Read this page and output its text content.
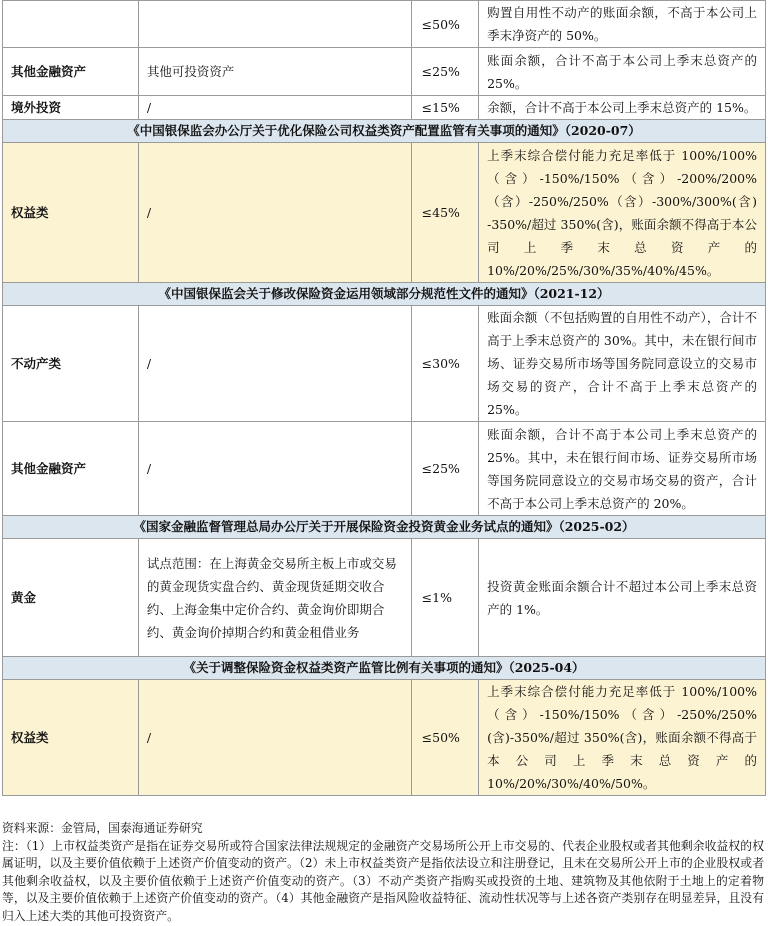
		≤50%	购置自用性不动产的账面余额，不高于本公司上季末净资产的 50%。
其他金融资产	其他可投资资产	≤25%	账面余额，合计不高于本公司上季末总资产的 25%。
境外投资	/	≤15%	余额，合计不高于本公司上季末总资产的 15%。
《中国银保监会办公厅关于优化保险公司权益类资产配置监管有关事项的通知》（2020-07）			
权益类	/	≤45%	上季末综合偿付能力充足率低于 100%/100%（含）-150%/150%（含）-200%/200%（含）-250%/250%（含）-300%/300%(含) -350%/超过 350%(含)，账面余额不得高于本公司上季末总资产的 10%/20%/25%/30%/35%/40%/45%。
《中国银保监会关于修改保险资金运用领域部分规范性文件的通知》（2021-12）			
不动产类	/	≤30%	账面余额（不包括购置的自用性不动产），合计不高于上季末总资产的 30%。其中，未在银行间市场、证券交易所市场等国务院同意设立的交易市场交易的资产，合计不高于上季末总资产的 25%。
其他金融资产	/	≤25%	账面余额，合计不高于本公司上季末总资产的 25%。其中，未在银行间市场、证券交易所市场等国务院同意设立的交易市场交易的资产，合计不高于本公司上季末总资产的 20%。
《国家金融监督管理总局办公厅关于开展保险资金投资黄金业务试点的通知》（2025-02）			
黄金	试点范围：在上海黄金交易所主板上市或交易的黄金现货实盘合约、黄金现货延期交收合约、上海金集中定价合约、黄金询价即期合约、黄金询价掉期合约和黄金租借业务	≤1%	投资黄金账面余额合计不超过本公司上季末总资产的 1%。
《关于调整保险资金权益类资产监管比例有关事项的通知》（2025-04）			
权益类	/	≤50%	上季末综合偿付能力充足率低于 100%/100%（含）-150%/150%（含）-250%/250%(含)-350%/超过 350%(含)，账面余额不得高于本公司上季末总资产的 10%/20%/30%/40%/50%。

资料来源：金管局，国泰海通证券研究

注：（1）上市权益类资产是指在证券交易所或符合国家法律法规规定的金融资产交易场所公开上市交易的、代表企业股权或者其他剩余收益权的权属证明，以及主要价值依赖于上述资产价值变动的资产。（2）未上市权益类资产是指依法设立和注册登记，且未在交易所公开上市的企业股权或者其他剩余收益权，以及主要价值依赖于上述资产价值变动的资产。（3）不动产类资产指购买或投资的土地、建筑物及其他依附于土地上的定着物等，以及主要价值依赖于上述资产价值变动的资产。（4）其他金融资产是指风险收益特征、流动性状况等与上述各资产类别存在明显差异，且没有归入上述大类的其他可投资资产。
